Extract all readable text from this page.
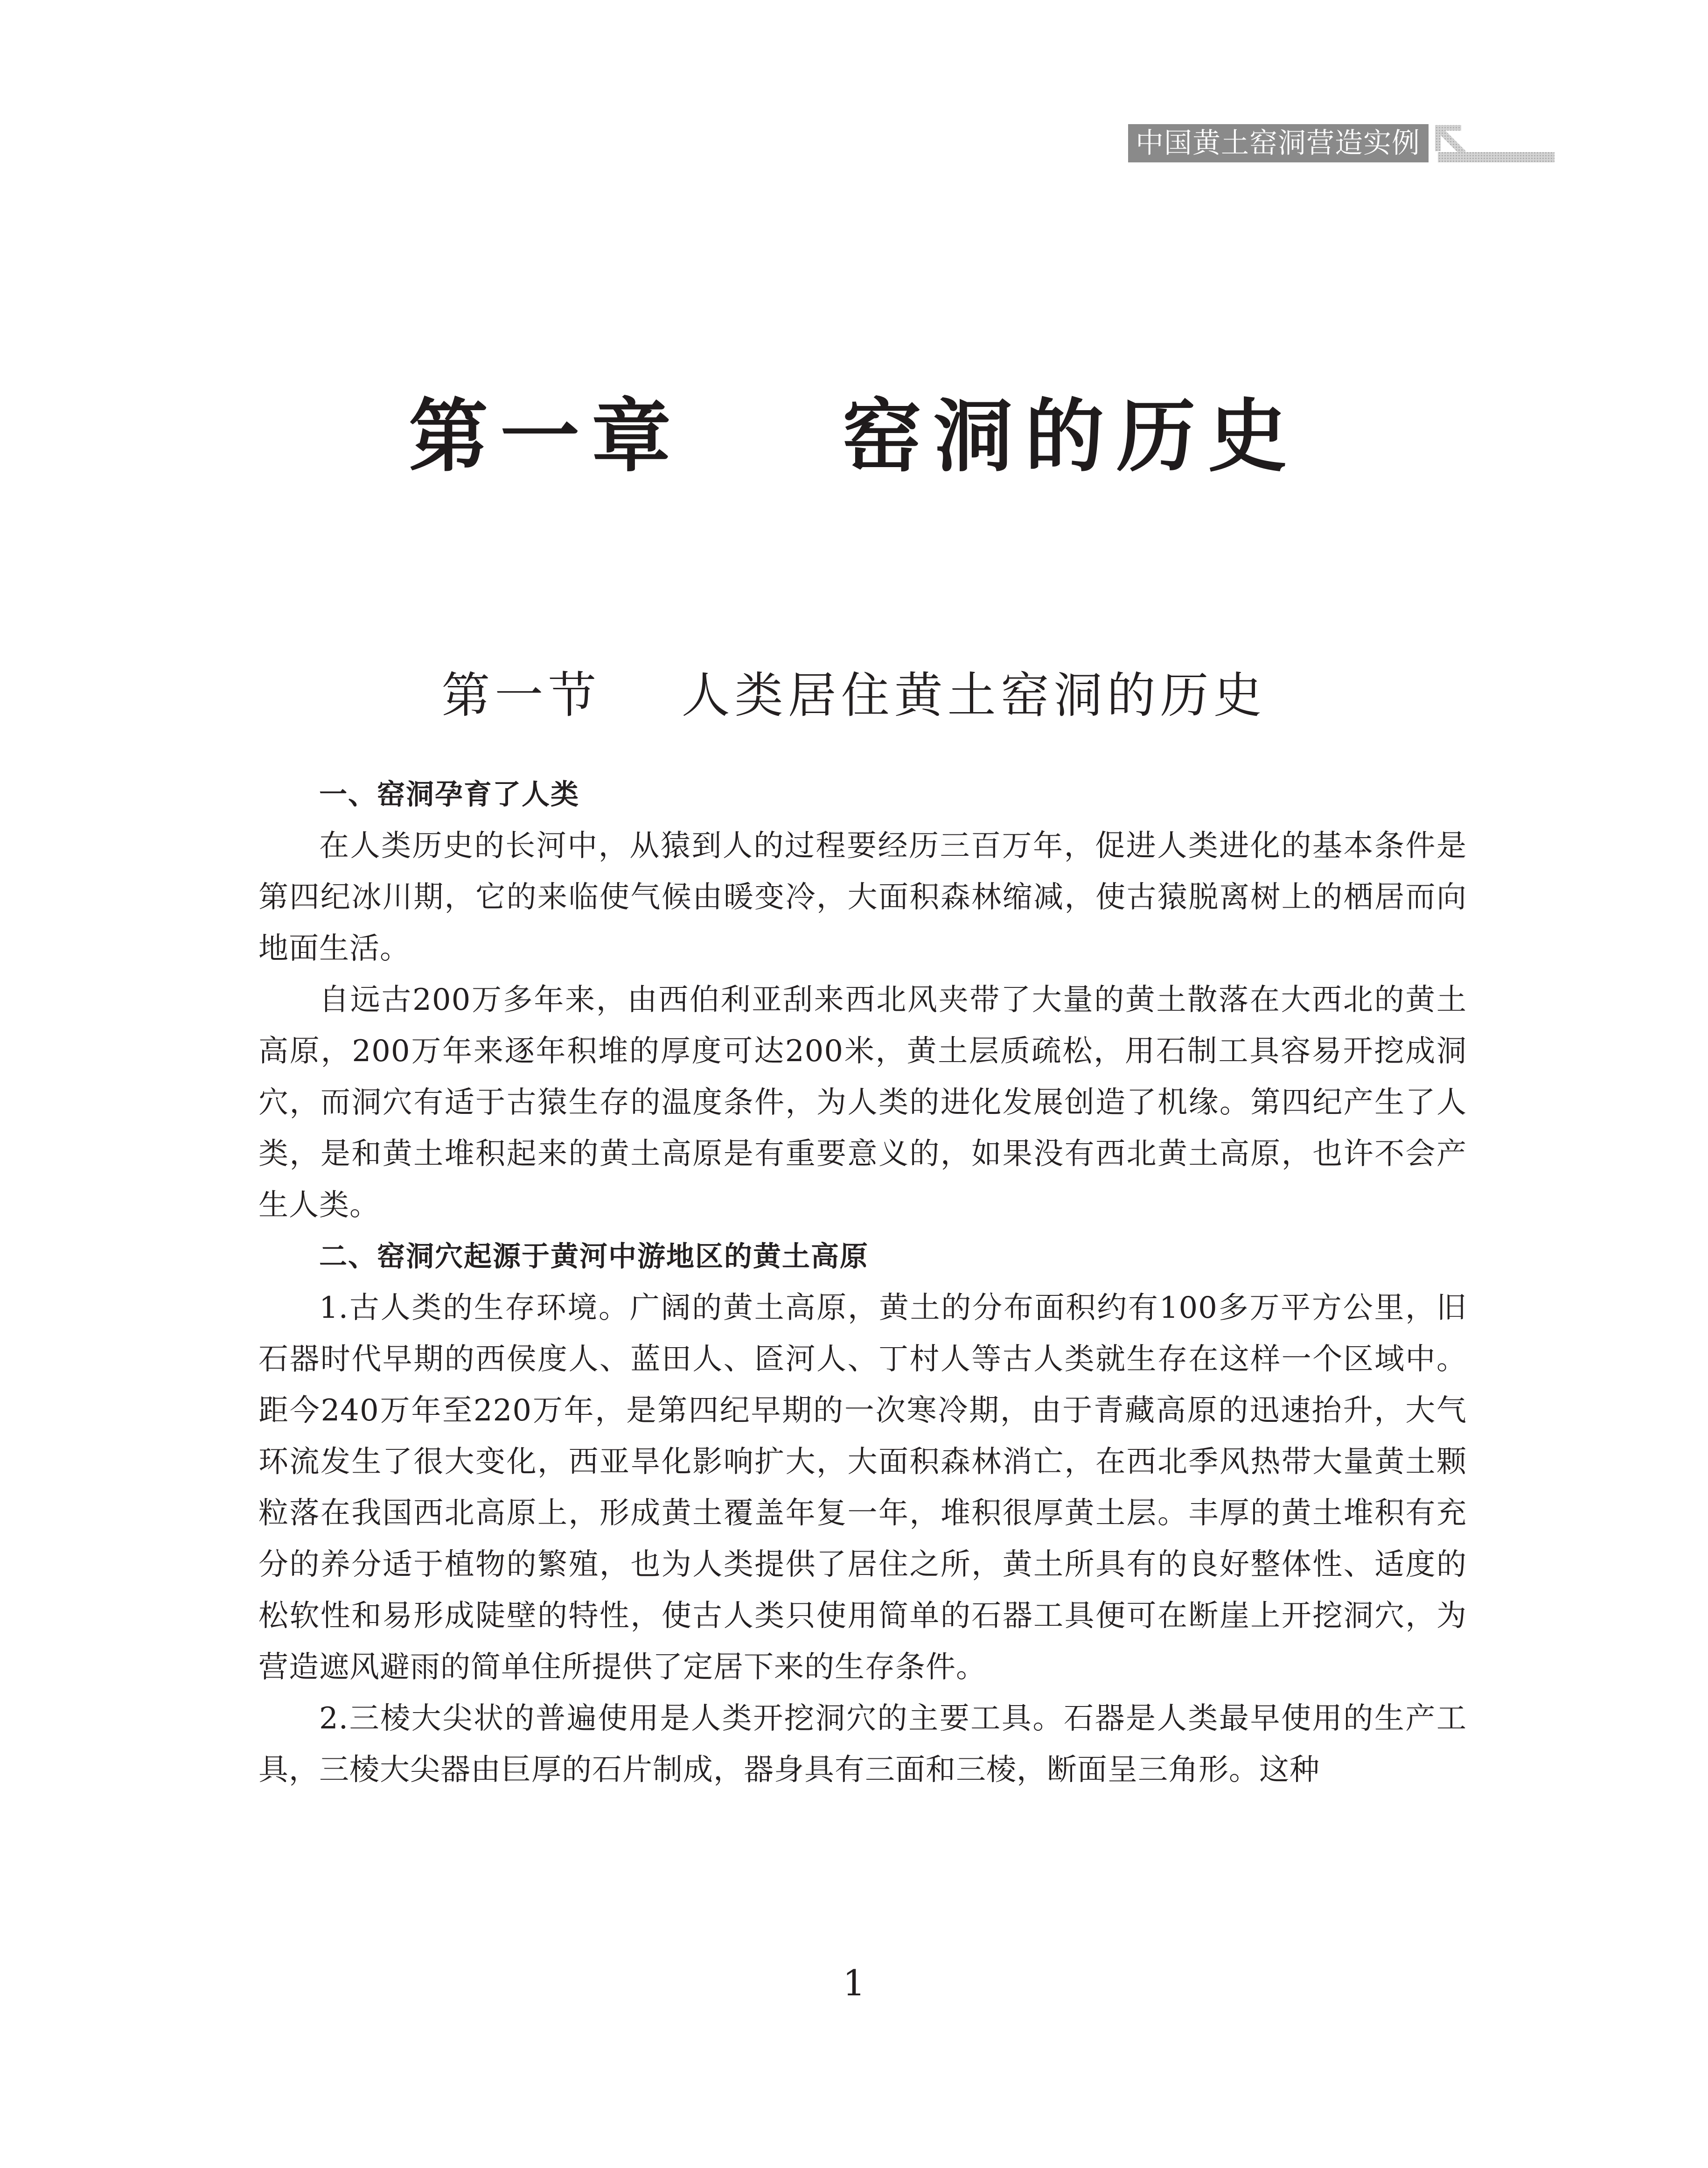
中国黄土窑洞营造实例
第一章    窑洞的历史
第一节    人类居住黄土窑洞的历史

一、窑洞孕育了人类

在人类历史的长河中，从猿到人的过程要经历三百万年，促进人类进化的基本条件是第四纪冰川期，它的来临使气候由暖变冷，大面积森林缩减，使古猿脱离树上的栖居而向地面生活。

自远古200万多年来，由西伯利亚刮来西北风夹带了大量的黄土散落在大西北的黄土高原，200万年来逐年积堆的厚度可达200米，黄土层质疏松，用石制工具容易开挖成洞穴，而洞穴有适于古猿生存的温度条件，为人类的进化发展创造了机缘。第四纪产生了人类，是和黄土堆积起来的黄土高原是有重要意义的，如果没有西北黄土高原，也许不会产生人类。

二、窑洞穴起源于黄河中游地区的黄土高原

1.古人类的生存环境。广阔的黄土高原，黄土的分布面积约有100多万平方公里，旧石器时代早期的西侯度人、蓝田人、匼河人、丁村人等古人类就生存在这样一个区域中。距今240万年至220万年，是第四纪早期的一次寒冷期，由于青藏高原的迅速抬升，大气环流发生了很大变化，西亚旱化影响扩大，大面积森林消亡，在西北季风热带大量黄土颗粒落在我国西北高原上，形成黄土覆盖年复一年，堆积很厚黄土层。丰厚的黄土堆积有充分的养分适于植物的繁殖，也为人类提供了居住之所，黄土所具有的良好整体性、适度的松软性和易形成陡壁的特性，使古人类只使用简单的石器工具便可在断崖上开挖洞穴，为营造遮风避雨的简单住所提供了定居下来的生存条件。

2.三棱大尖状的普遍使用是人类开挖洞穴的主要工具。石器是人类最早使用的生产工具，三棱大尖器由巨厚的石片制成，器身具有三面和三棱，断面呈三角形。这种

1
